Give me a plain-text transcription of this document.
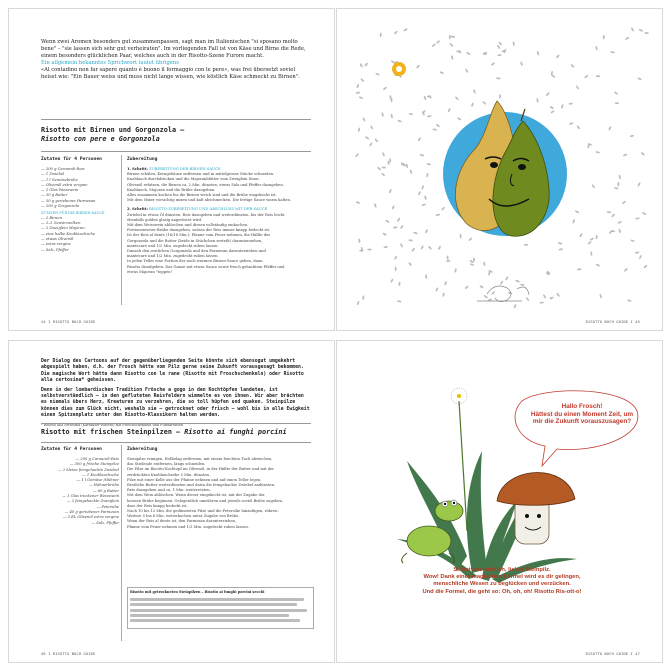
Wenn zwei Aromen besonders gut zusammenpassen, sagt man im Italienischen "si sposano molto bene" – "sie lassen sich sehr gut verheiraten". Im vorliegenden Fall ist von Käse und Birne die Rede, einem besonders glücklichen Paar, welches auch in der Risotto-Szene Furore macht.
Ein allgemein bekanntes Sprichwort lautet übrigens
«Al contadino non far sapere quanto è buono il formaggio con le pere», was frei übersetzt soviel heisst wie: "Ein Bauer weiss und muss nicht lange wissen, wie köstlich Käse schmeckt zu Birnen".
Risotto mit Birnen und Gorgonzola –
Risotto con pere e Gorgonzola
Zutaten für 4 Personen
— 200 g Carnaroli-Reis
— 1 Zwiebel
— 1 l Gemüsebrühe
— Olivenöl extra vergine
— 1 Glas Weisswein
— 30 g Butter
— 50 g geriebener Parmesan
— 200 g Gorgonzola
ZUTATEN FÜR DIE BIRNEN-SAUCE
— 2 Birnen
— 2–3 Gewürznelken
— 2 Zweiglein Majoran
— eine halbe Knoblauchzehe
— etwas Olivenöl
— extra vergine
— Salz, Pfeffer
Zubereitung
1. Schritt: ZUBEREITUNG DER BIRNEN-SAUCE
Birnen schälen, Kerngehäuse entfernen und in mittelgrosse Stücke schneiden.
Knoblauch durchdrücken und die Majoranblätter vom Zweiglein lösen.
Olivenöl erhitzen, die Birnen ca. 2 Min. dünsten, etwas Salz und Pfeffer dazugeben,
Knoblauch, Majoran und die Brühe dazugeben.
Alles zusammen kochen bis die Birnen weich sind und die Brühe eingekocht ist.
Mit dem Mixer vorsichtig mixen und kalt abschmecken. Die fertige Sauce warm halten.
2. Schritt: RISOTTO-ZUBEREITUNG UND ABSCHLUSS MIT DER SAUCE
Zwiebel in etwas Öl dünsten. Reis dazugeben und weiterdünsten, bis der Reis leicht
ebenfalls golden glasig angeröstet wird.
Mit dem Weisswein ablöschen und diesen vollständig einkochen.
Portionenweise Brühe dazugeben, sodass der Reis immer knapp bedeckt ist.
Ist der Reis al dente (16/18 Min.): Pfanne vom Feuer nehmen, die Hälfte des
Gorgonzola und die Butter (beide in Stückchen zerteilt) darunterziehen,
mantecare und 1/2 Min. zugedeckt ruhen lassen.
Danach den restlichen Gorgonzola und den Parmesan darunterziehen und
mantecare und 1/2 Min. zugedeckt ruhen lassen.
In jeden Teller eine Portion der noch warmen Birnen-Sauce geben, dann
Risotto draufgeben. Das Ganze mit etwas Sauce sowie frisch gehacktem Pfeffer und
etwas Majoran "toppen".
44 I RISOTTO BUCH GUIDE	RISOTTO BUCH GUIDE I 45
Der Dialog des Cartoons auf der gegenüberliegenden Seite könnte sich ebensogut umgekehrt abgespielt haben, d.h. der Frosch hätte vom Pilz gerne seine Zukunft vorausgesagt bekommen. Die magische Wort hätte dann Risotto con le rane (Risotto mit Froschschenkeln) oder Risotto alla certosina* geheissen.
Denn in der lombardischen Tradition Frösche a gogo in den Kochtöpfen landeten, ist selbstverständlich – in den gefluteten Reisfeldern wimmelte es von ihnen. Wir aber brächten es niemals übers Herz, Kreaturen zu verzehren, die so toll hüpfen und quaken. Steinpilze können dies zum Glück nicht, weshalb sie – getrocknet oder frisch – wohl bis in alle Ewigkeit einen Spitzenplatz unter den Risotto-Klassikern halten werden.
* Risotto alla certosina (Kartäuser-Risotto) mit Froschschenkeln und Flusskrebsen
Risotto mit frischen Steinpilzen – Risotto ai funghi porcini
Zutaten für 4 Personen
— 200 g Carnaroli-Reis
— 300 g frische Steinpilze
— 2 kleine feingehackte Zwiebel
— 1 Knoblauchzehe
— 1 l Gemüse-/Hühner
— Hühnerbrühe
— 60 g Butter
— 1 Glas trockener Weisswein
— 2 feingehackte Zweiglein
— Petersilie
— 40 g geriebener Parmesan
— 3 EL Olivenöl extra vergine
— Salz, Pfeffer
Zubereitung
Steinpilze reinigen, Erdbelag entfernen, mit einem feuchten Tuch abwischen,
das Stielende entfernen, längs schneiden.
Die Pilze im Risotto-Kochtopf im Olivenöl, in der Hälfte der Butter und mit der
zerdrückten Knoblauchzehe 5 Min. dünsten.
Pilze mit einer Kelle aus der Pfanne nehmen und auf einen Teller legen.
Restliche Butter weiterdünsten und darin die feingehackte Zwiebel andünsten.
Reis dazugeben und ca. 1 Min. weiterrösten.
Mit dem Wein ablöschen. Wenn dieser eingekocht ist, mit der Zugabe der
heissen Brühe beginnen. Gelegentlich umrühren und jeweils soviel Brühe zugeben,
dass der Reis knapp bedeckt ist.
Nach 10 bis 12 Min. die gedünsteten Pilze und die Petersilie hinzufügen, rühren.
Weitere 5 bis 6 Min. weiterkochen unter Zugabe von Brühe.
Wenn der Reis al dente ist, den Parmesan darunterziehen,
Pfanne vom Feuer nehmen und 1/2 Min. zugedeckt ruhen lassen.
Risotto mit getrockneten Steinpilzen – Risotto ai funghi porcini secchi
46 I RISOTTO BUCH GUIDE
Hallo Frosch!
Hättest du einen Moment Zeit, um
mir die Zukunft vorauszusagen?
Selbstverständlich, lieber Steinpilz.
Wow! Dank einer magischen Formel wird es dir gelingen,
menschliche Wesen zu beglücken und verzücken.
Und die Formel, die geht so: Oh, oh, oh! Risotto Ris-ott-o!
RISOTTO BUCH GUIDE I 47
